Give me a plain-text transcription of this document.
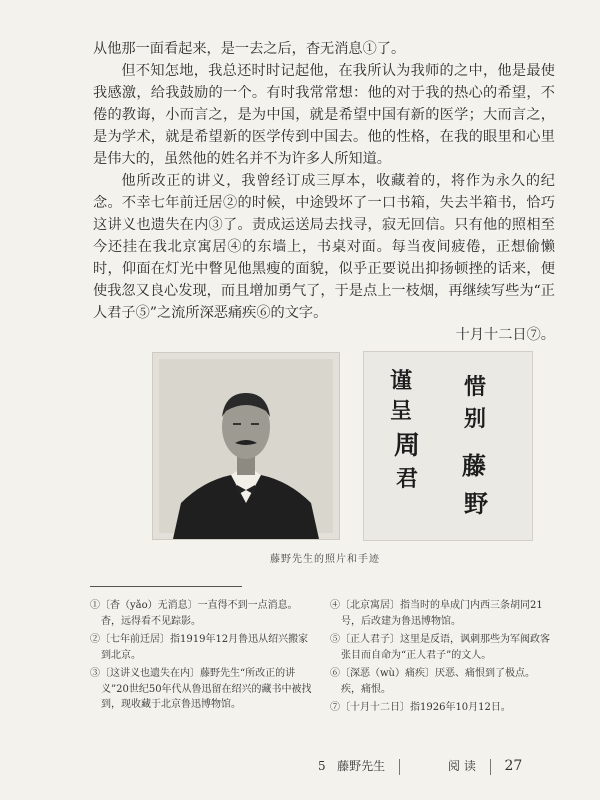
从他那一面看起来，是一去之后，杳无消息①了。

但不知怎地，我总还时时记起他，在我所认为我师的之中，他是最使我感激，给我鼓励的一个。有时我常常想：他的对于我的热心的希望，不倦的教诲，小而言之，是为中国，就是希望中国有新的医学；大而言之，是为学术，就是希望新的医学传到中国去。他的性格，在我的眼里和心里是伟大的，虽然他的姓名并不为许多人所知道。

他所改正的讲义，我曾经订成三厚本，收藏着的，将作为永久的纪念。不幸七年前迁居②的时候，中途毁坏了一口书箱，失去半箱书，恰巧这讲义也遗失在内③了。责成运送局去找寻，寂无回信。只有他的照相至今还挂在我北京寓居④的东墙上，书桌对面。每当夜间疲倦，正想偷懒时，仰面在灯光中瞥见他黑瘦的面貌，似乎正要说出抑扬顿挫的话来，便使我忽又良心发现，而且增加勇气了，于是点上一枝烟，再继续写些为“正人君子⑤”之流所深恶痛疾⑥的文字。

十月十二日⑦。

惜
别
藤
野
谨
呈
周
君
藤野先生的照片和手迹

①〔杳（yǎo）无消息〕一直得不到一点消息。杳，远得看不见踪影。

②〔七年前迁居〕指1919年12月鲁迅从绍兴搬家到北京。

③〔这讲义也遗失在内〕藤野先生“所改正的讲义”20世纪50年代从鲁迅留在绍兴的藏书中被找到，现收藏于北京鲁迅博物馆。

④〔北京寓居〕指当时的阜成门内西三条胡同21号，后改建为鲁迅博物馆。

⑤〔正人君子〕这里是反语，讽刺那些为军阀政客张目而自命为“正人君子”的文人。

⑥〔深恶（wù）痛疾〕厌恶、痛恨到了极点。疾，痛恨。

⑦〔十月十二日〕指1926年10月12日。

5 藤野先生	阅 读 27
